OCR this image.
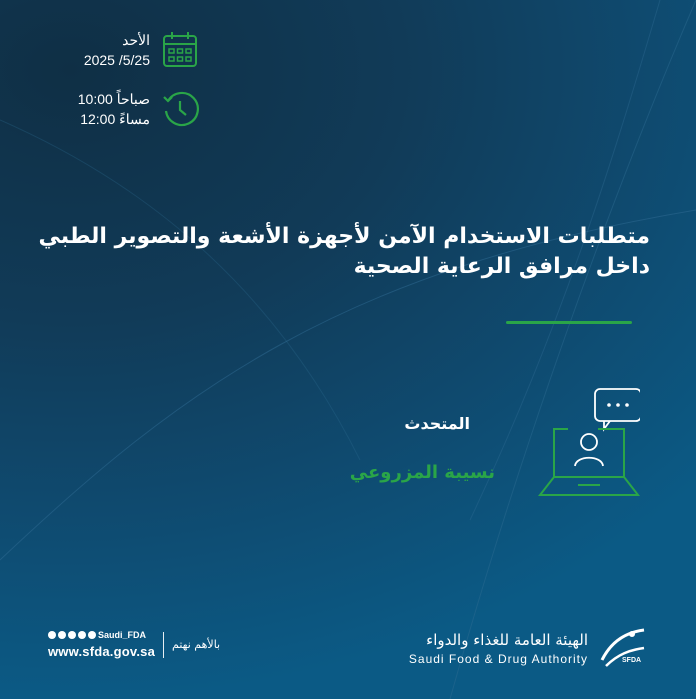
الأحد
2025 /5/25
10:00 صباحاً
12:00 مساءً
متطلبات الاستخدام الآمن لأجهزة الأشعة والتصوير الطبي
داخل مرافق الرعاية الصحية
المتحدث
نسيبة المزروعي
Saudi_FDA
www.sfda.gov.sa بالأهم نهتم	الهيئة العامة للغذاء والدواء
Saudi Food & Drug Authority	SFDA
